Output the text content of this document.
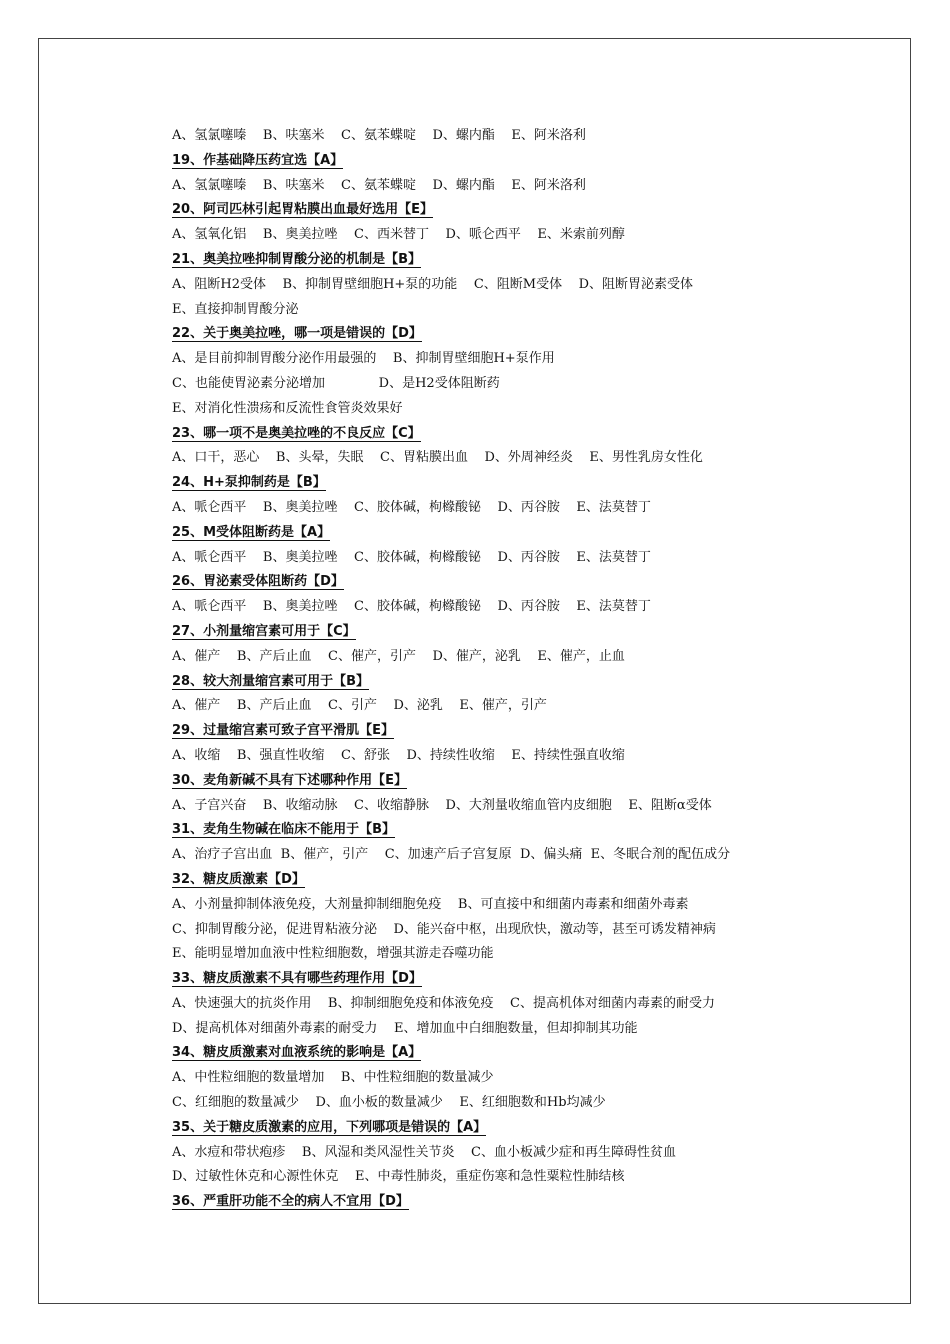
A、氢氯噻嗪    B、呋塞米    C、氨苯蝶啶    D、螺内酯    E、阿米洛利
19、作基础降压药宜选【A】
A、氢氯噻嗪    B、呋塞米    C、氨苯蝶啶    D、螺内酯    E、阿米洛利
20、阿司匹林引起胃粘膜出血最好选用【E】
A、氢氧化铝    B、奥美拉唑    C、西米替丁    D、哌仑西平    E、米索前列醇
21、奥美拉唑抑制胃酸分泌的机制是【B】
A、阻断H2受体    B、抑制胃壁细胞H+泵的功能    C、阻断M受体    D、阻断胃泌素受体
E、直接抑制胃酸分泌
22、关于奥美拉唑，哪一项是错误的【D】
A、是目前抑制胃酸分泌作用最强的    B、抑制胃壁细胞H+泵作用
C、也能使胃泌素分泌增加             D、是H2受体阻断药
E、对消化性溃疡和反流性食管炎效果好
23、哪一项不是奥美拉唑的不良反应【C】
A、口干，恶心    B、头晕，失眠    C、胃粘膜出血    D、外周神经炎    E、男性乳房女性化
24、H+泵抑制药是【B】
A、哌仑西平    B、奥美拉唑    C、胶体碱，枸橼酸铋    D、丙谷胺    E、法莫替丁
25、M受体阻断药是【A】
A、哌仑西平    B、奥美拉唑    C、胶体碱，枸橼酸铋    D、丙谷胺    E、法莫替丁
26、胃泌素受体阻断药【D】
A、哌仑西平    B、奥美拉唑    C、胶体碱，枸橼酸铋    D、丙谷胺    E、法莫替丁
27、小剂量缩宫素可用于【C】
A、催产    B、产后止血    C、催产，引产    D、催产，泌乳    E、催产，止血
28、较大剂量缩宫素可用于【B】
A、催产    B、产后止血    C、引产    D、泌乳    E、催产，引产
29、过量缩宫素可致子宫平滑肌【E】
A、收缩    B、强直性收缩    C、舒张    D、持续性收缩    E、持续性强直收缩
30、麦角新碱不具有下述哪种作用【E】
A、子宫兴奋    B、收缩动脉    C、收缩静脉    D、大剂量收缩血管内皮细胞    E、阻断α受体
31、麦角生物碱在临床不能用于【B】
A、治疗子宫出血  B、催产，引产    C、加速产后子宫复原  D、偏头痛  E、冬眠合剂的配伍成分
32、糖皮质激素【D】
A、小剂量抑制体液免疫，大剂量抑制细胞免疫    B、可直接中和细菌内毒素和细菌外毒素
C、抑制胃酸分泌，促进胃粘液分泌    D、能兴奋中枢，出现欣快，激动等，甚至可诱发精神病
E、能明显增加血液中性粒细胞数，增强其游走吞噬功能
33、糖皮质激素不具有哪些药理作用【D】
A、快速强大的抗炎作用    B、抑制细胞免疫和体液免疫    C、提高机体对细菌内毒素的耐受力
D、提高机体对细菌外毒素的耐受力    E、增加血中白细胞数量，但却抑制其功能
34、糖皮质激素对血液系统的影响是【A】
A、中性粒细胞的数量增加    B、中性粒细胞的数量减少
C、红细胞的数量减少    D、血小板的数量减少    E、红细胞数和Hb均减少
35、关于糖皮质激素的应用，下列哪项是错误的【A】
A、水痘和带状疱疹    B、风湿和类风湿性关节炎    C、血小板减少症和再生障碍性贫血
D、过敏性休克和心源性休克    E、中毒性肺炎，重症伤寒和急性粟粒性肺结核
36、严重肝功能不全的病人不宜用【D】
